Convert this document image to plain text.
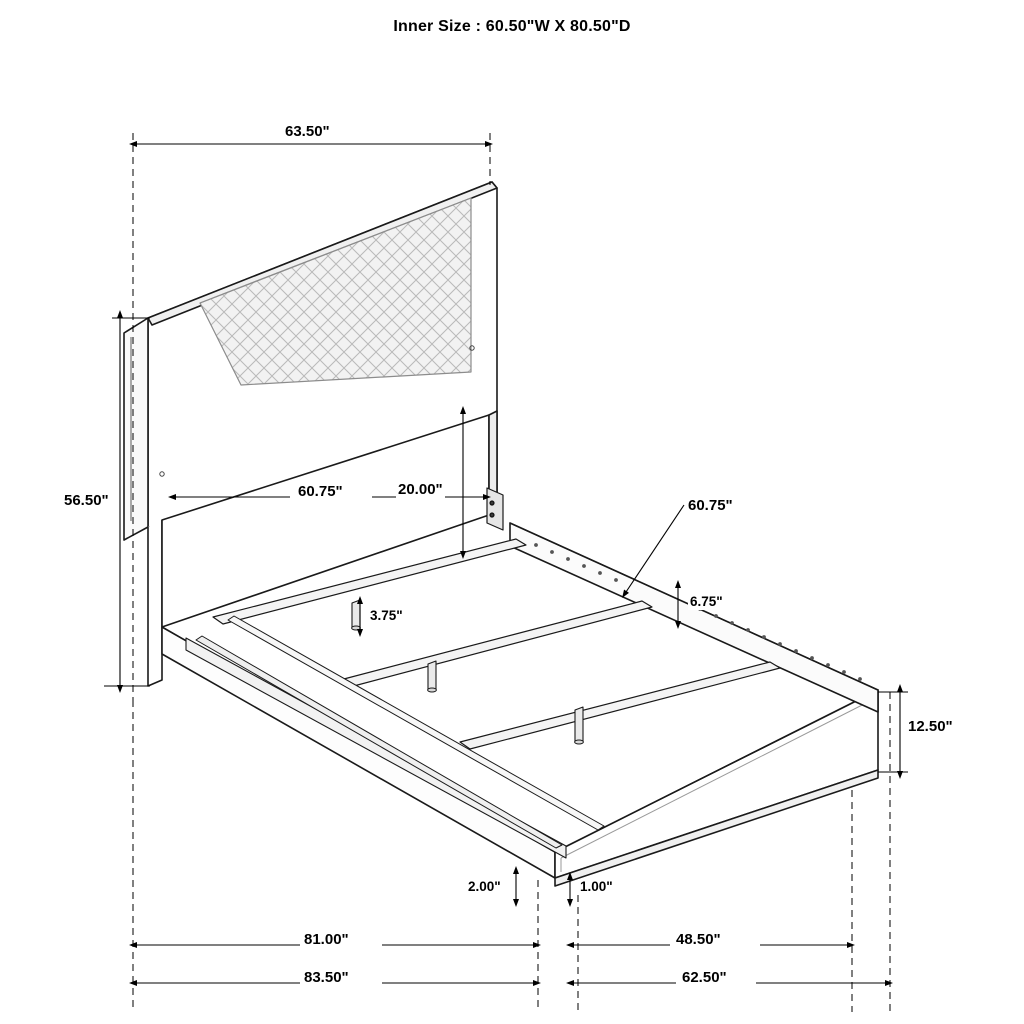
Inner Size : 60.50"W X 80.50"D
63.50"
56.50"
60.75"	20.00"
60.75"
6.75"
3.75"
12.50"
2.00"	1.00"
81.00"	48.50"
83.50"	62.50"
